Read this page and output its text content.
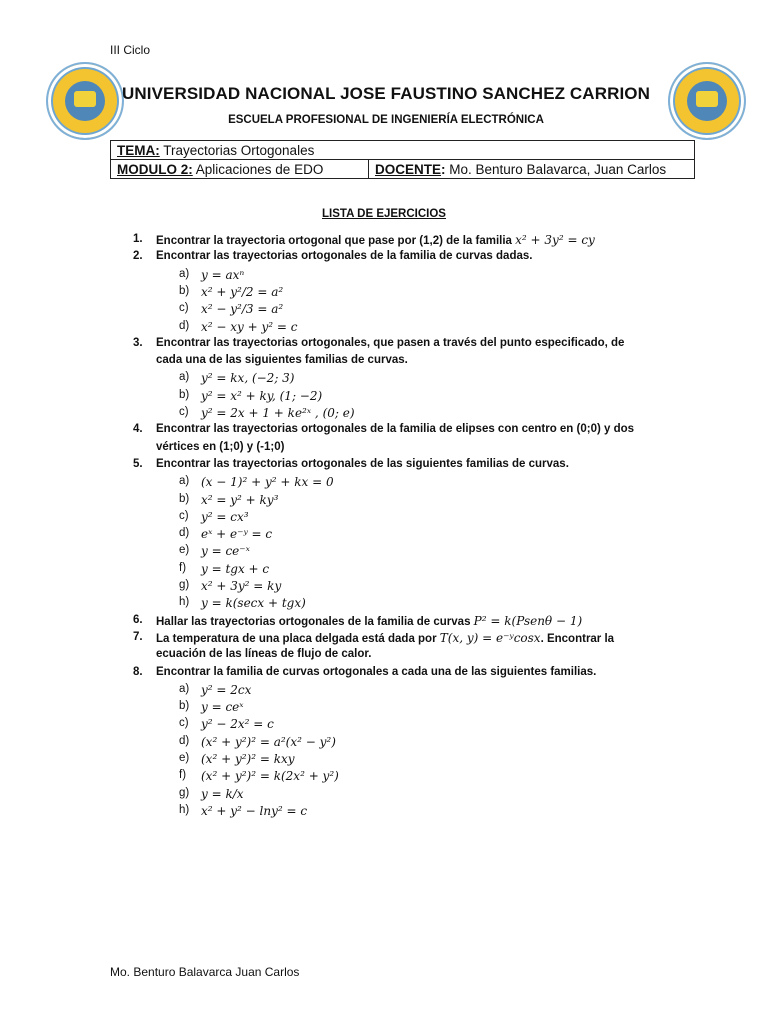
III Ciclo
UNIVERSIDAD NACIONAL JOSE FAUSTINO SANCHEZ CARRION
ESCUELA PROFESIONAL DE INGENIERÍA ELECTRÓNICA
TEMA: Trayectorias Ortogonales
MODULO 2: Aplicaciones de EDO	DOCENTE: Mo. Benturo Balavarca, Juan Carlos
LISTA DE EJERCICIOS
1.	Encontrar la trayectoria ortogonal que pase por (1,2) de la familia x² + 3y² = cy
2.	Encontrar las trayectorias ortogonales de la familia de curvas dadas.
a) y = axⁿ
b) x² + y²/2 = a²
c) x² − y²/3 = a²
d) x² − xy + y² = c
3.	Encontrar las trayectorias ortogonales, que pasen a través del punto especificado, de
cada una de las siguientes familias de curvas.
a) y² = kx, (−2; 3)
b) y² = x² + ky, (1; −2)
c) y² = 2x + 1 + ke²ˣ , (0; e)
4.	Encontrar las trayectorias ortogonales de la familia de elipses con centro en (0;0) y dos
vértices en (1;0) y (-1;0)
5.	Encontrar las trayectorias ortogonales de las siguientes familias de curvas.
a) (x − 1)² + y² + kx = 0
b) x² = y² + ky³
c) y² = cx³
d) eˣ + e⁻ʸ = c
e) y = ce⁻ˣ
f) y = tgx + c
g) x² + 3y² = ky
h) y = k(secx + tgx)
6.	Hallar las trayectorias ortogonales de la familia de curvas P² = k(Psenθ − 1)
7.	La temperatura de una placa delgada está dada por T(x, y) = e⁻ʸcosx. Encontrar la
ecuación de las líneas de flujo de calor.
8.	Encontrar la familia de curvas ortogonales a cada una de las siguientes familias.
a) y² = 2cx
b) y = ceˣ
c) y² − 2x² = c
d) (x² + y²)² = a²(x² − y²)
e) (x² + y²)² = kxy
f) (x² + y²)² = k(2x² + y²)
g) y = k/x
h) x² + y² − lny² = c
Mo. Benturo Balavarca Juan Carlos
